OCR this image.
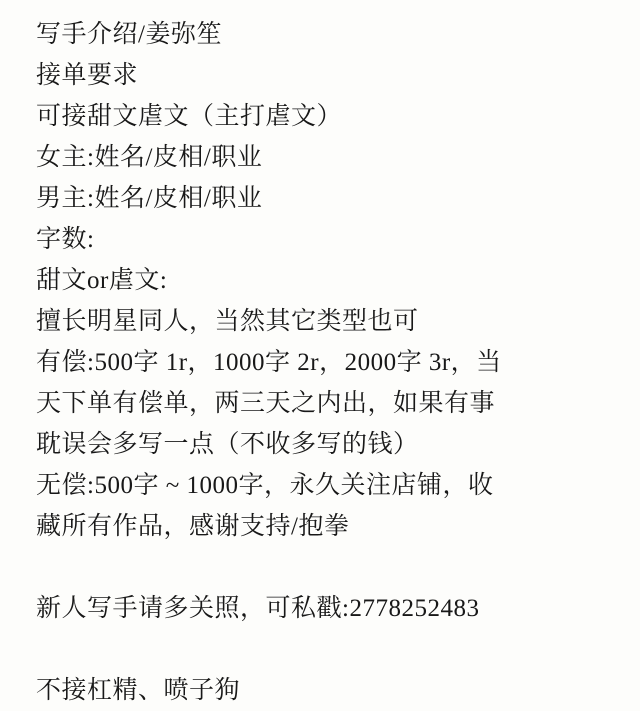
写手介绍/姜弥笙
接单要求
可接甜文虐文（主打虐文）
女主:姓名/皮相/职业
男主:姓名/皮相/职业
字数:
甜文or虐文:
擅长明星同人，当然其它类型也可
有偿:500字 1r，1000字 2r，2000字 3r，当
天下单有偿单，两三天之内出，如果有事
耽误会多写一点（不收多写的钱）
无偿:500字 ~ 1000字，永久关注店铺，收
藏所有作品，感谢支持/抱拳
新人写手请多关照，可私戳:2778252483
不接杠精、喷子狗
